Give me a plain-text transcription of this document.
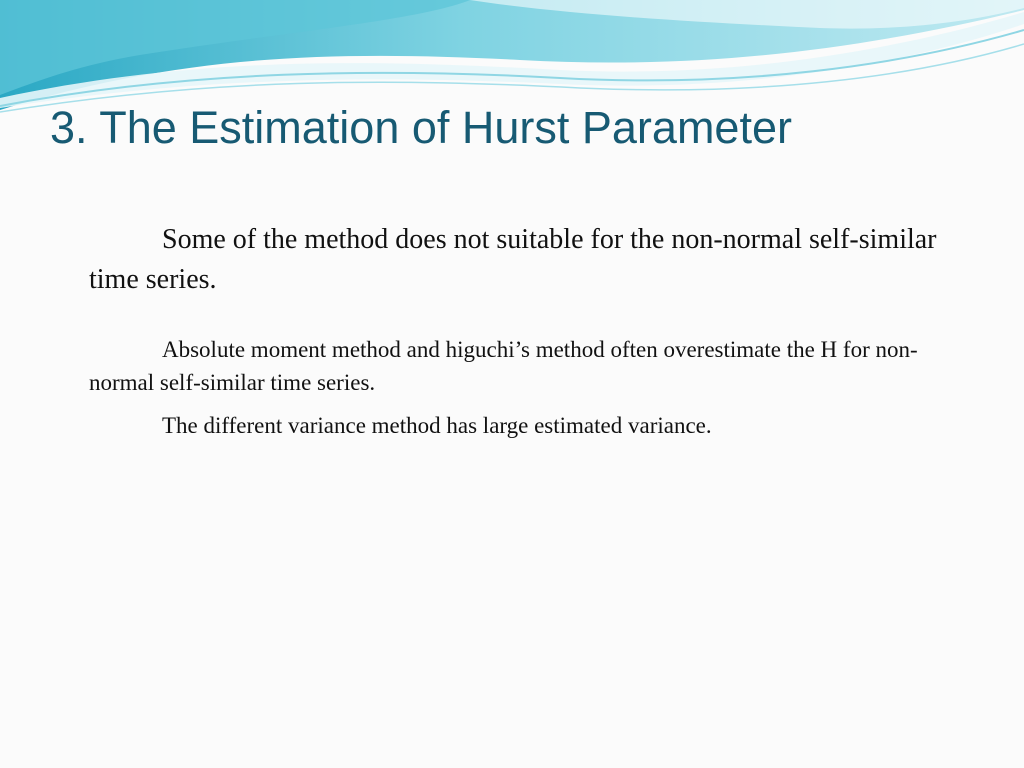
3. The Estimation of Hurst Parameter

Some of the method does not suitable for the non-normal self-similar time series.

Absolute moment method and higuchi’s method often overestimate the H for non-normal self-similar time series.

The different variance method has large estimated variance.
